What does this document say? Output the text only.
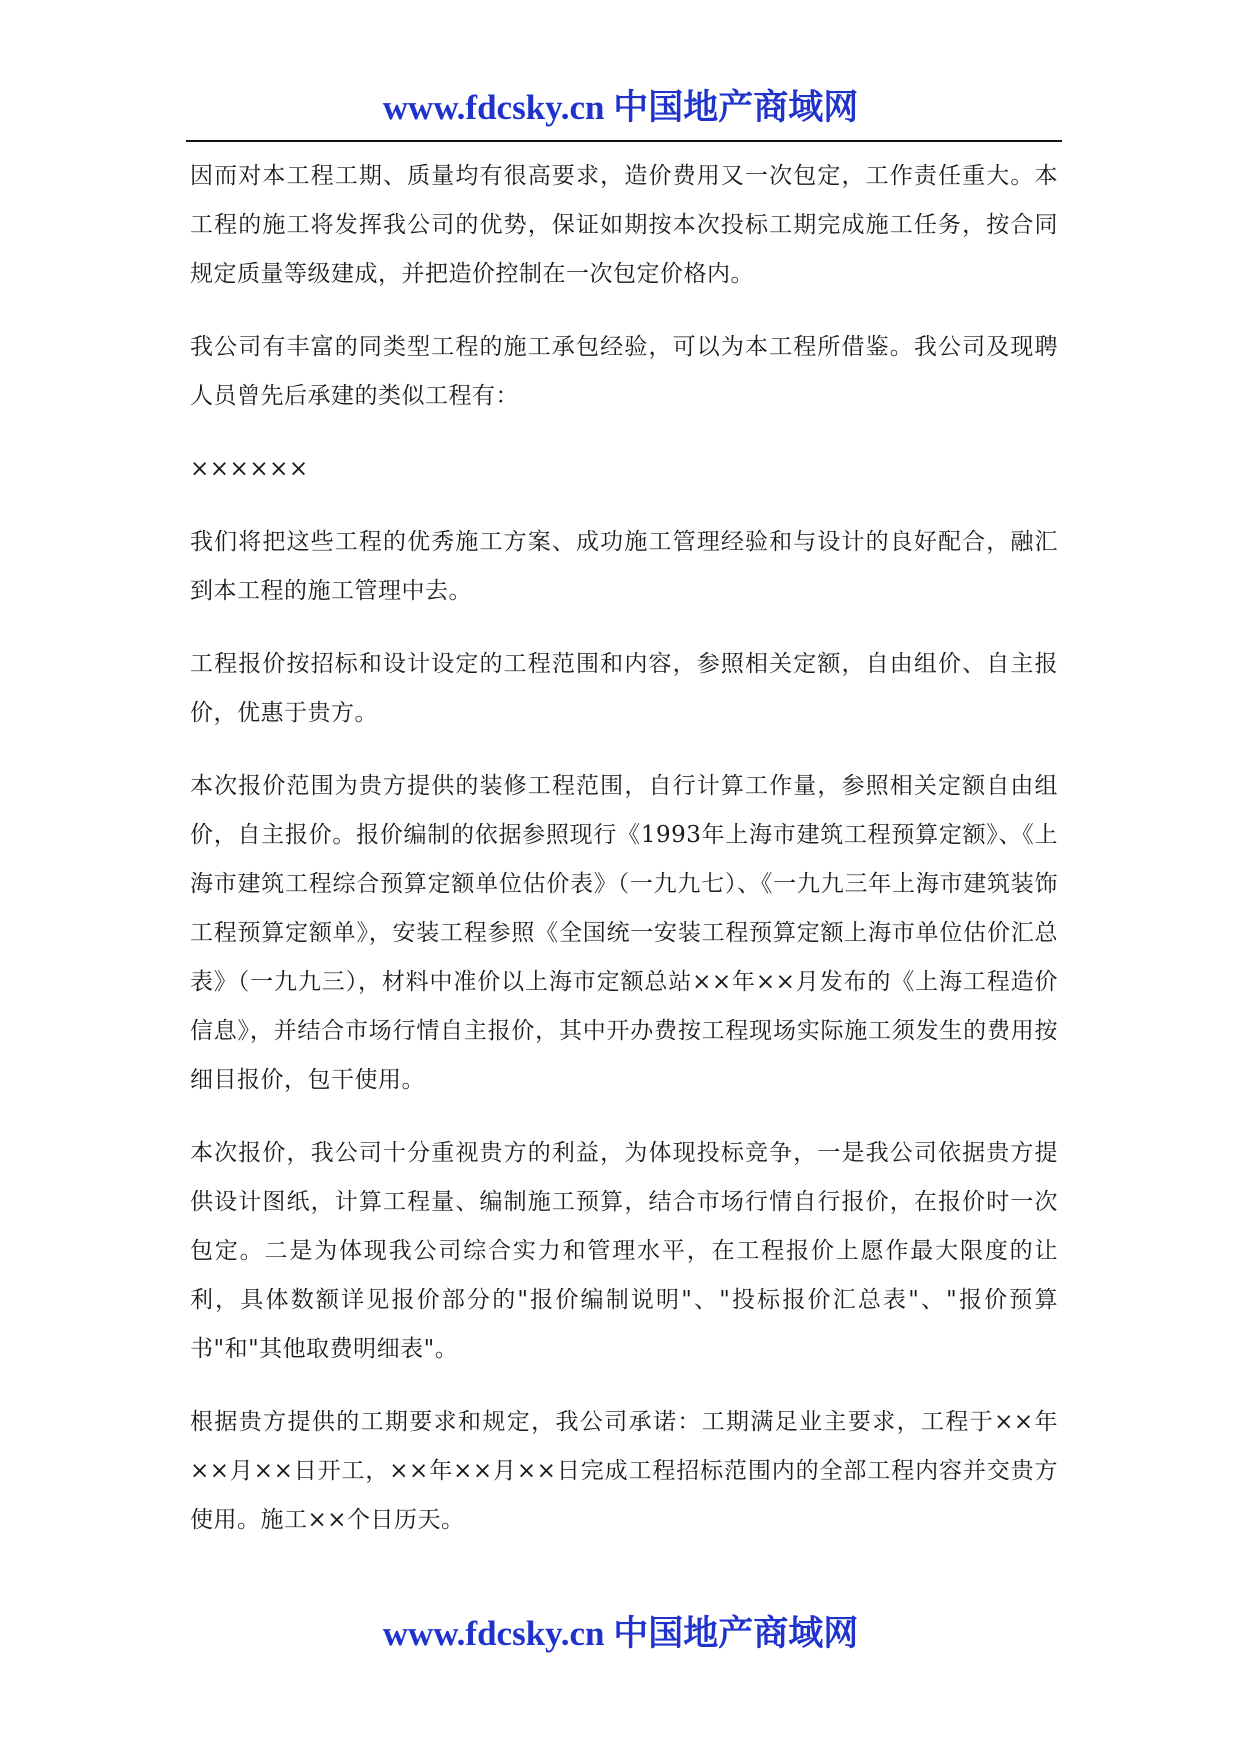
www.fdcsky.cn 中国地产商域网

因而对本工程工期、质量均有很高要求，造价费用又一次包定，工作责任重大。本工程的施工将发挥我公司的优势，保证如期按本次投标工期完成施工任务，按合同规定质量等级建成，并把造价控制在一次包定价格内。

我公司有丰富的同类型工程的施工承包经验，可以为本工程所借鉴。我公司及现聘人员曾先后承建的类似工程有：

××××××

我们将把这些工程的优秀施工方案、成功施工管理经验和与设计的良好配合，融汇到本工程的施工管理中去。

工程报价按招标和设计设定的工程范围和内容，参照相关定额，自由组价、自主报价，优惠于贵方。

本次报价范围为贵方提供的装修工程范围，自行计算工作量，参照相关定额自由组价，自主报价。报价编制的依据参照现行《1993年上海市建筑工程预算定额》、《上海市建筑工程综合预算定额单位估价表》（一九九七）、《一九九三年上海市建筑装饰工程预算定额单》，安装工程参照《全国统一安装工程预算定额上海市单位估价汇总表》（一九九三），材料中准价以上海市定额总站××年××月发布的《上海工程造价信息》，并结合市场行情自主报价，其中开办费按工程现场实际施工须发生的费用按细目报价，包干使用。

本次报价，我公司十分重视贵方的利益，为体现投标竞争，一是我公司依据贵方提供设计图纸，计算工程量、编制施工预算，结合市场行情自行报价，在报价时一次包定。二是为体现我公司综合实力和管理水平，在工程报价上愿作最大限度的让利，具体数额详见报价部分的"报价编制说明"、"投标报价汇总表"、"报价预算书"和"其他取费明细表"。

根据贵方提供的工期要求和规定，我公司承诺：工期满足业主要求，工程于××年××月××日开工，××年××月××日完成工程招标范围内的全部工程内容并交贵方使用。施工××个日历天。

www.fdcsky.cn 中国地产商域网
